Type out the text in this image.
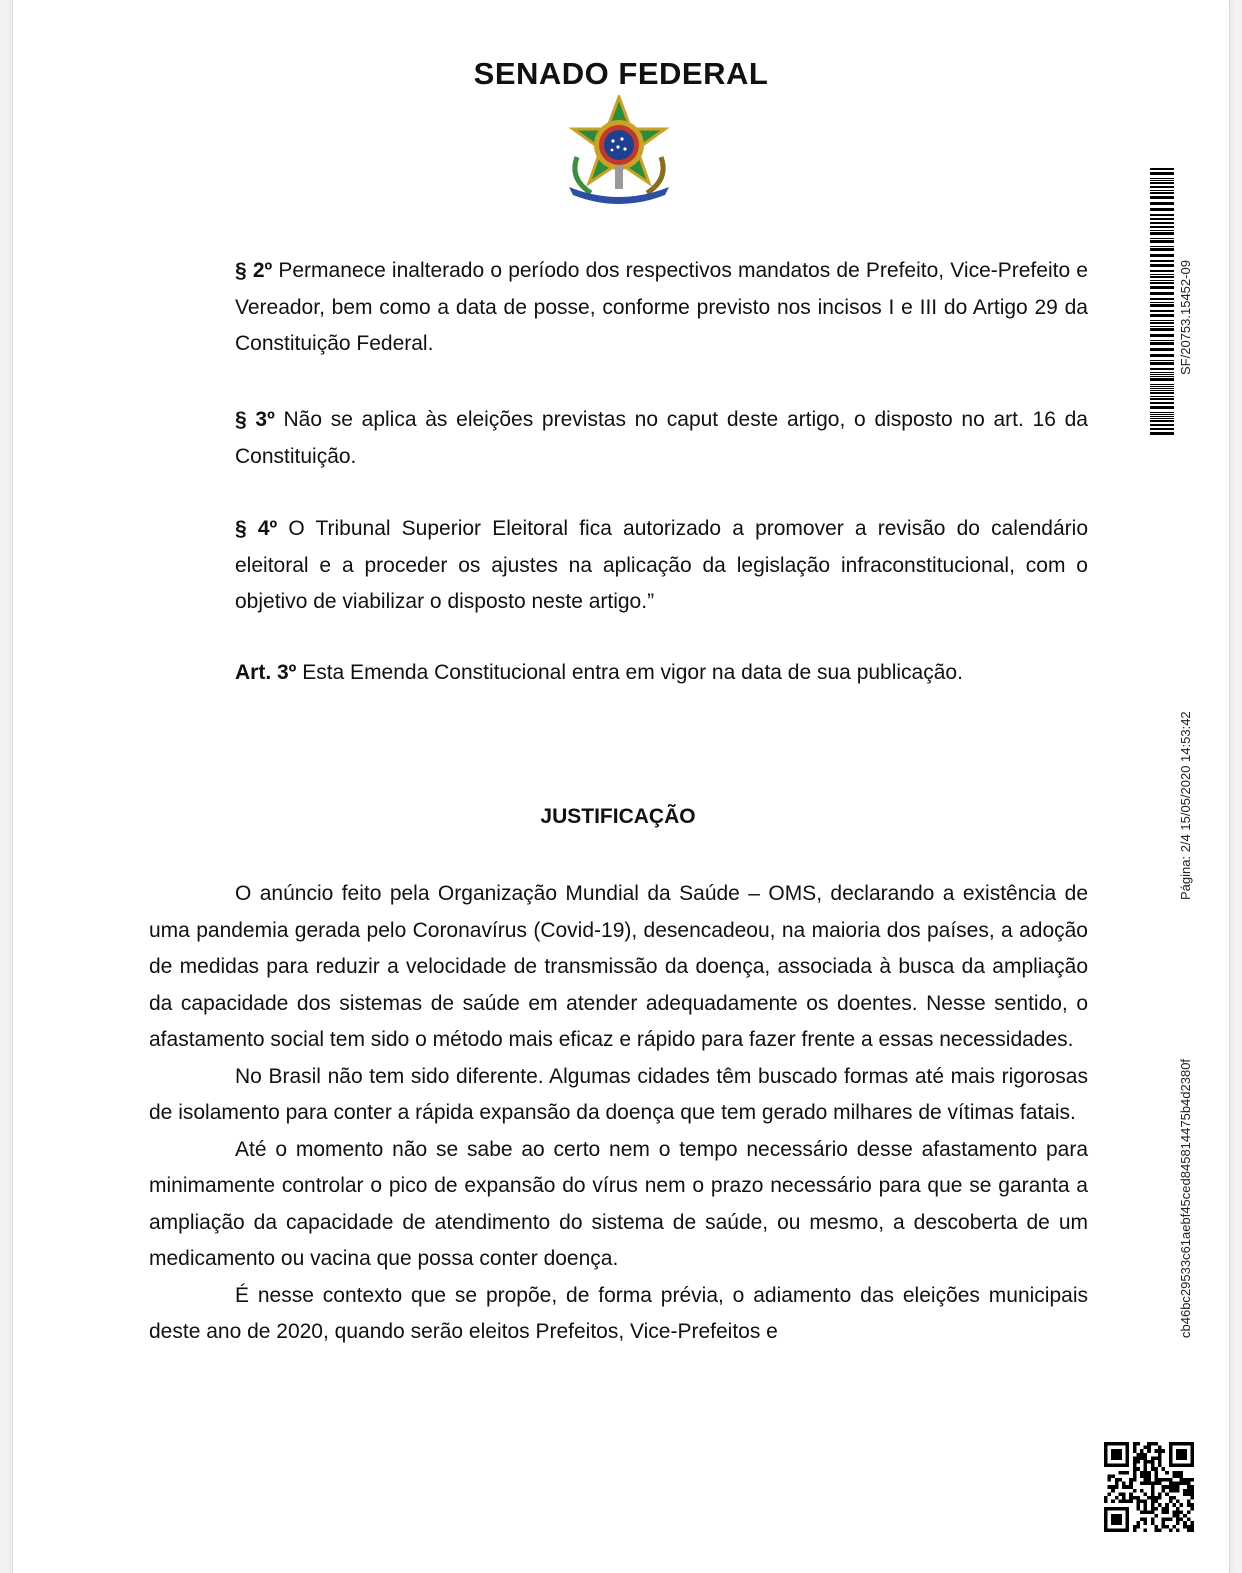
SENADO FEDERAL
§ 2º Permanece inalterado o período dos respectivos mandatos de Prefeito, Vice-Prefeito e Vereador, bem como a data de posse, conforme previsto nos incisos I e III do Artigo 29 da Constituição Federal.
§ 3º Não se aplica às eleições previstas no caput deste artigo, o disposto no art. 16 da Constituição.
§ 4º O Tribunal Superior Eleitoral fica autorizado a promover a revisão do calendário eleitoral e a proceder os ajustes na aplicação da legislação infraconstitucional, com o objetivo de viabilizar o disposto neste artigo.”
Art. 3º Esta Emenda Constitucional entra em vigor na data de sua publicação.
JUSTIFICAÇÃO

O anúncio feito pela Organização Mundial da Saúde – OMS, declarando a existência de uma pandemia gerada pelo Coronavírus (Covid-19), desencadeou, na maioria dos países, a adoção de medidas para reduzir a velocidade de transmissão da doença, associada à busca da ampliação da capacidade dos sistemas de saúde em atender adequadamente os doentes. Nesse sentido, o afastamento social tem sido o método mais eficaz e rápido para fazer frente a essas necessidades.

No Brasil não tem sido diferente. Algumas cidades têm buscado formas até mais rigorosas de isolamento para conter a rápida expansão da doença que tem gerado milhares de vítimas fatais.

Até o momento não se sabe ao certo nem o tempo necessário desse afastamento para minimamente controlar o pico de expansão do vírus nem o prazo necessário para que se garanta a ampliação da capacidade de atendimento do sistema de saúde, ou mesmo, a descoberta de um medicamento ou vacina que possa conter doença.

É nesse contexto que se propõe, de forma prévia, o adiamento das eleições municipais deste ano de 2020, quando serão eleitos Prefeitos, Vice-Prefeitos e

SF/20753.15452-09
Página: 2/4 15/05/2020 14:53:42
cb46bc29533c61aebf45ced845814475b4d2380f
